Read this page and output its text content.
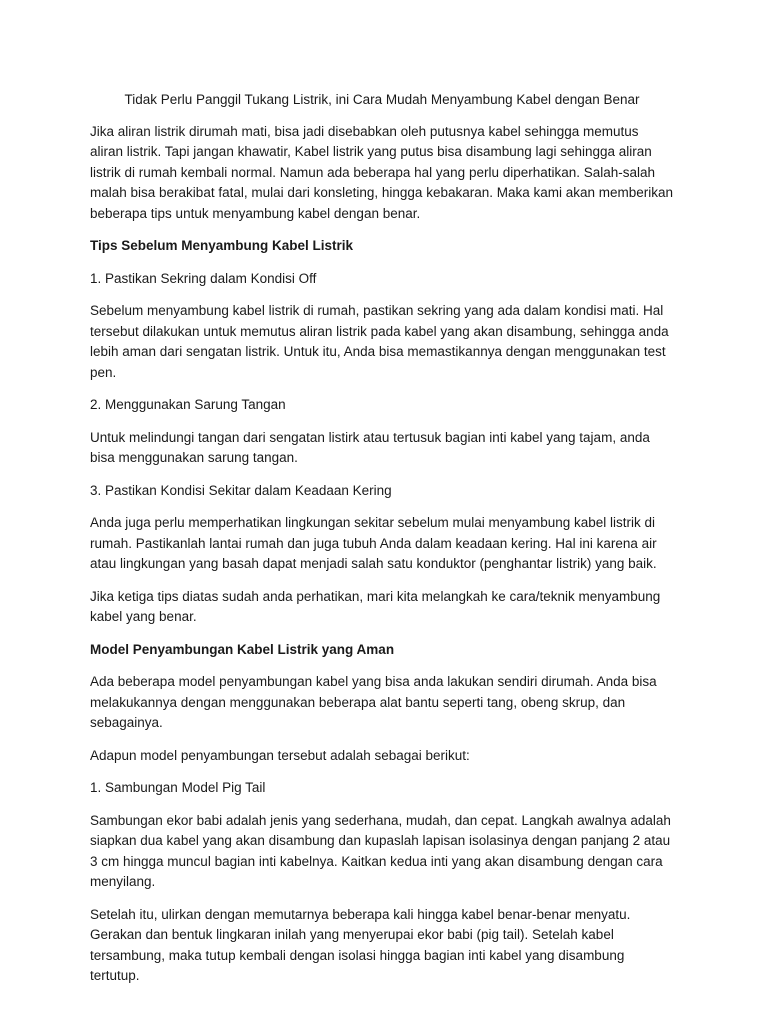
Tidak Perlu Panggil Tukang Listrik, ini Cara Mudah Menyambung Kabel dengan Benar

Jika aliran listrik dirumah mati, bisa jadi disebabkan oleh putusnya kabel sehingga memutus aliran listrik. Tapi jangan khawatir, Kabel listrik yang putus bisa disambung lagi sehingga aliran listrik di rumah kembali normal. Namun ada beberapa hal yang perlu diperhatikan. Salah-salah malah bisa berakibat fatal, mulai dari konsleting, hingga kebakaran. Maka kami akan memberikan beberapa tips untuk menyambung kabel dengan benar.

Tips Sebelum Menyambung Kabel Listrik

1. Pastikan Sekring dalam Kondisi Off

Sebelum menyambung kabel listrik di rumah, pastikan sekring yang ada dalam kondisi mati. Hal tersebut dilakukan untuk memutus aliran listrik pada kabel yang akan disambung, sehingga anda lebih aman dari sengatan listrik. Untuk itu, Anda bisa memastikannya dengan menggunakan test pen.

2. Menggunakan Sarung Tangan

Untuk melindungi tangan dari sengatan listirk atau tertusuk bagian inti kabel yang tajam, anda bisa menggunakan sarung tangan.

3. Pastikan Kondisi Sekitar dalam Keadaan Kering

Anda juga perlu memperhatikan lingkungan sekitar sebelum mulai menyambung kabel listrik di rumah. Pastikanlah lantai rumah dan juga tubuh Anda dalam keadaan kering. Hal ini karena air atau lingkungan yang basah dapat menjadi salah satu konduktor (penghantar listrik) yang baik.

Jika ketiga tips diatas sudah anda perhatikan, mari kita melangkah ke cara/teknik menyambung kabel yang benar.

Model Penyambungan Kabel Listrik yang Aman

Ada beberapa model penyambungan kabel yang bisa anda lakukan sendiri dirumah. Anda bisa melakukannya dengan menggunakan beberapa alat bantu seperti tang, obeng skrup, dan sebagainya.

Adapun model penyambungan tersebut adalah sebagai berikut:

1. Sambungan Model Pig Tail

Sambungan ekor babi adalah jenis yang sederhana, mudah, dan cepat. Langkah awalnya adalah siapkan dua kabel yang akan disambung dan kupaslah lapisan isolasinya dengan panjang 2 atau 3 cm hingga muncul bagian inti kabelnya. Kaitkan kedua inti yang akan disambung dengan cara menyilang.

Setelah itu, ulirkan dengan memutarnya beberapa kali hingga kabel benar-benar menyatu. Gerakan dan bentuk lingkaran inilah yang menyerupai ekor babi (pig tail). Setelah kabel tersambung, maka tutup kembali dengan isolasi hingga bagian inti kabel yang disambung tertutup.
